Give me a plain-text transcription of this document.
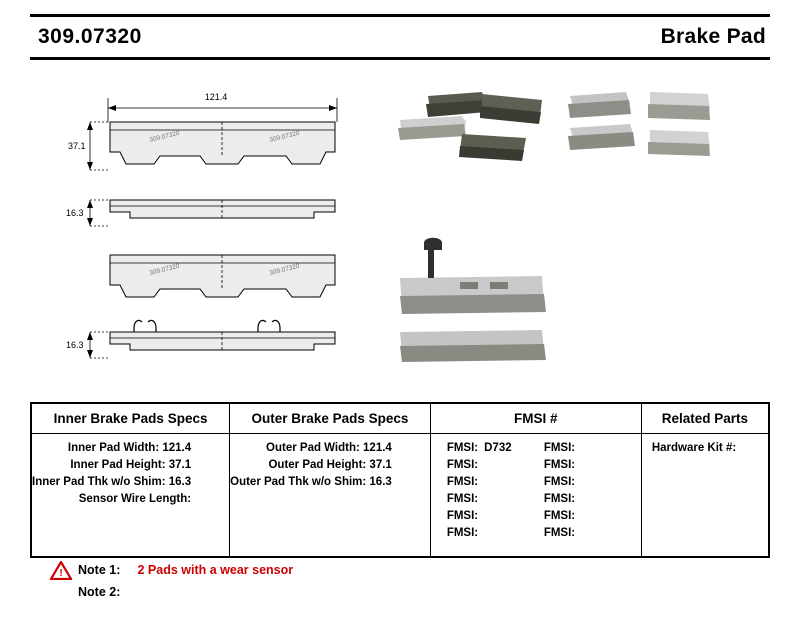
309.07320	Brake Pad
121.4
37.1
309.07320	309.07320
16.3
309.07320	309.07320
16.3
Inner Brake Pads Specs
Inner Pad Width: 121.4
Inner Pad Height: 37.1
Inner Pad Thk w/o Shim: 16.3
Sensor Wire Length:

Outer Brake Pads Specs
Outer Pad Width: 121.4
Outer Pad Height: 37.1
Outer Pad Thk w/o Shim: 16.3

FMSI #
FMSI: D732	FMSI:
FMSI:	FMSI:
FMSI:	FMSI:
FMSI:	FMSI:
FMSI:	FMSI:
FMSI:	FMSI:

Related Parts
Hardware Kit #:
! Note 1: 2 Pads with a wear sensor
Note 2:
